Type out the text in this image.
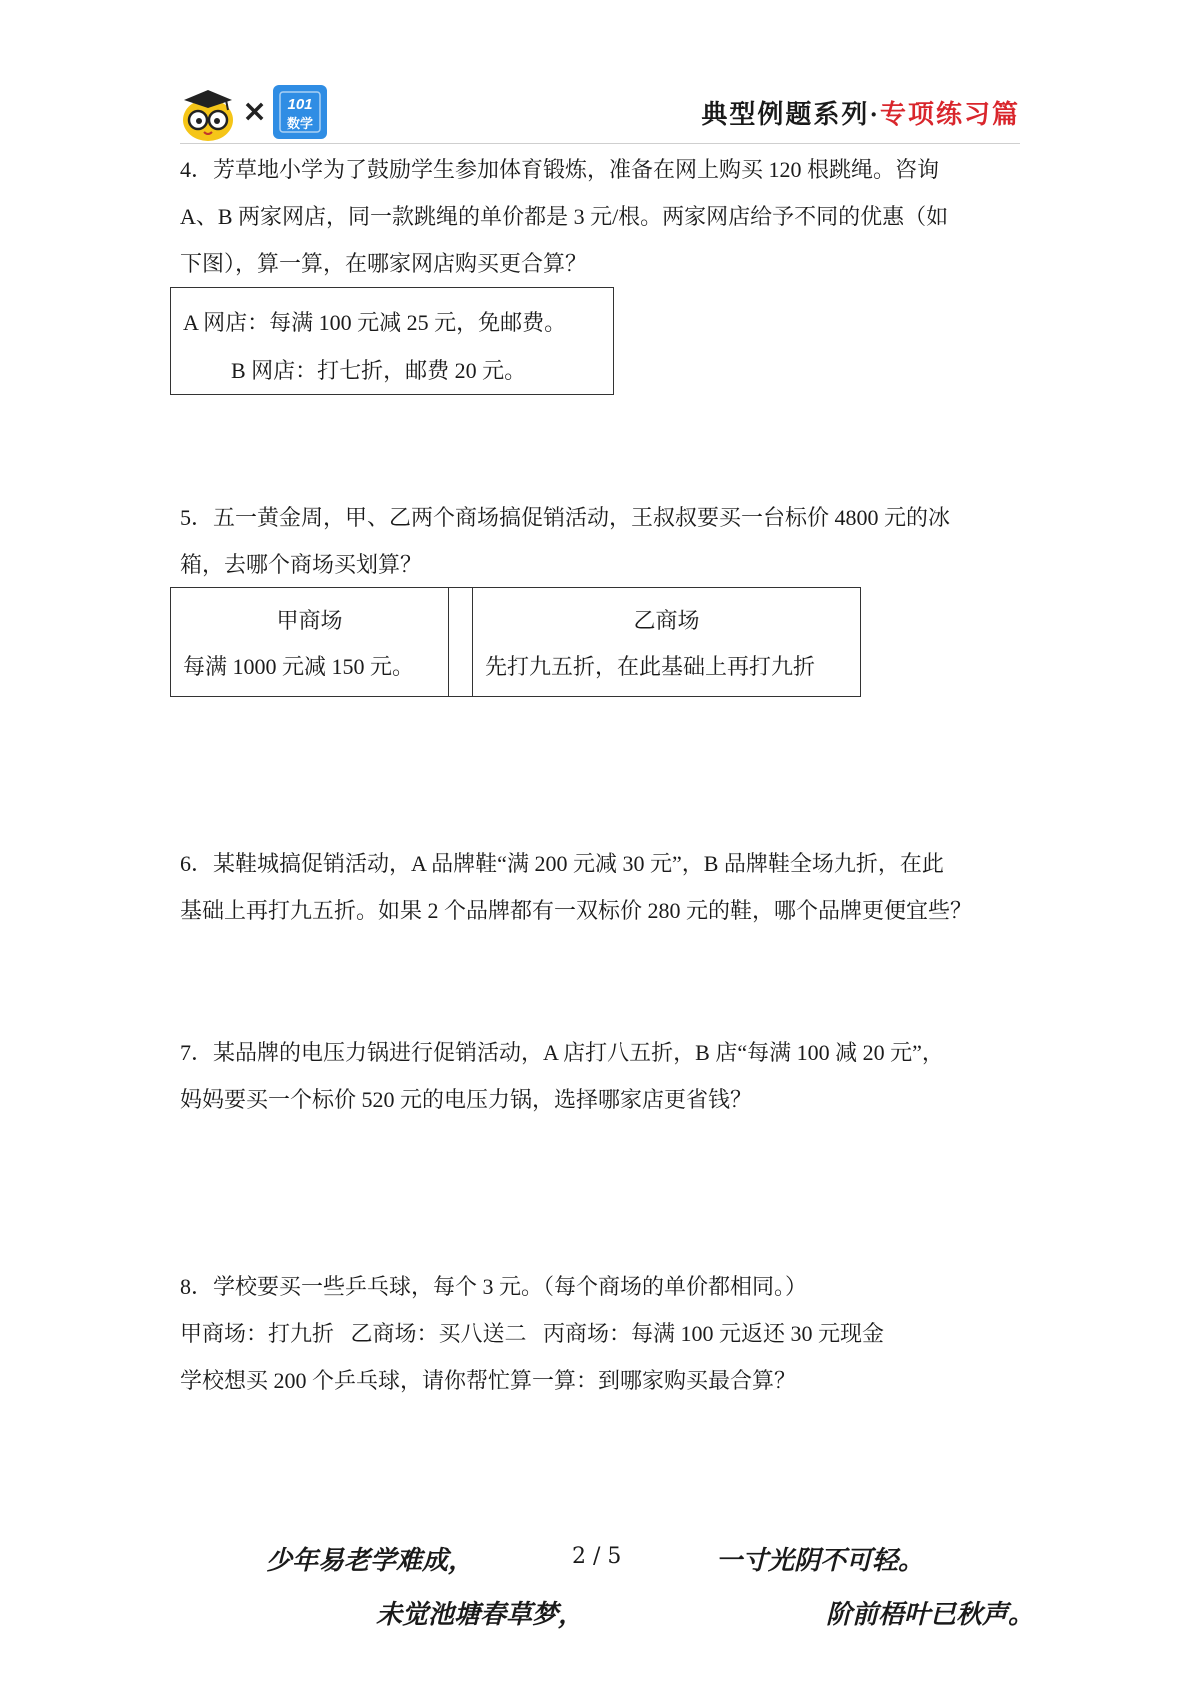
× 101
数学	典型例题系列·专项练习篇

4．芳草地小学为了鼓励学生参加体育锻炼，准备在网上购买 120 根跳绳。咨询

A、B 两家网店，同一款跳绳的单价都是 3 元/根。两家网店给予不同的优惠（如

下图），算一算，在哪家网店购买更合算？

A 网店：每满 100 元减 25 元，免邮费。
B 网店：打七折，邮费 20 元。

5．五一黄金周，甲、乙两个商场搞促销活动，王叔叔要买一台标价 4800 元的冰

箱，去哪个商场买划算？

甲商场
每满 1000 元减 150 元。

乙商场
先打九五折，在此基础上再打九折

6．某鞋城搞促销活动，A 品牌鞋“满 200 元减 30 元”，B 品牌鞋全场九折，在此

基础上再打九五折。如果 2 个品牌都有一双标价 280 元的鞋，哪个品牌更便宜些？

7．某品牌的电压力锅进行促销活动，A 店打八五折，B 店“每满 100 减 20 元”，

妈妈要买一个标价 520 元的电压力锅，选择哪家店更省钱？

8．学校要买一些乒乓球，每个 3 元。（每个商场的单价都相同。）

甲商场：打九折   乙商场：买八送二   丙商场：每满 100 元返还 30 元现金

学校想买 200 个乒乓球，请你帮忙算一算：到哪家购买最合算？

少年易老学难成，	2 / 5	一寸光阴不可轻。
未觉池塘春草梦，	阶前梧叶已秋声。
